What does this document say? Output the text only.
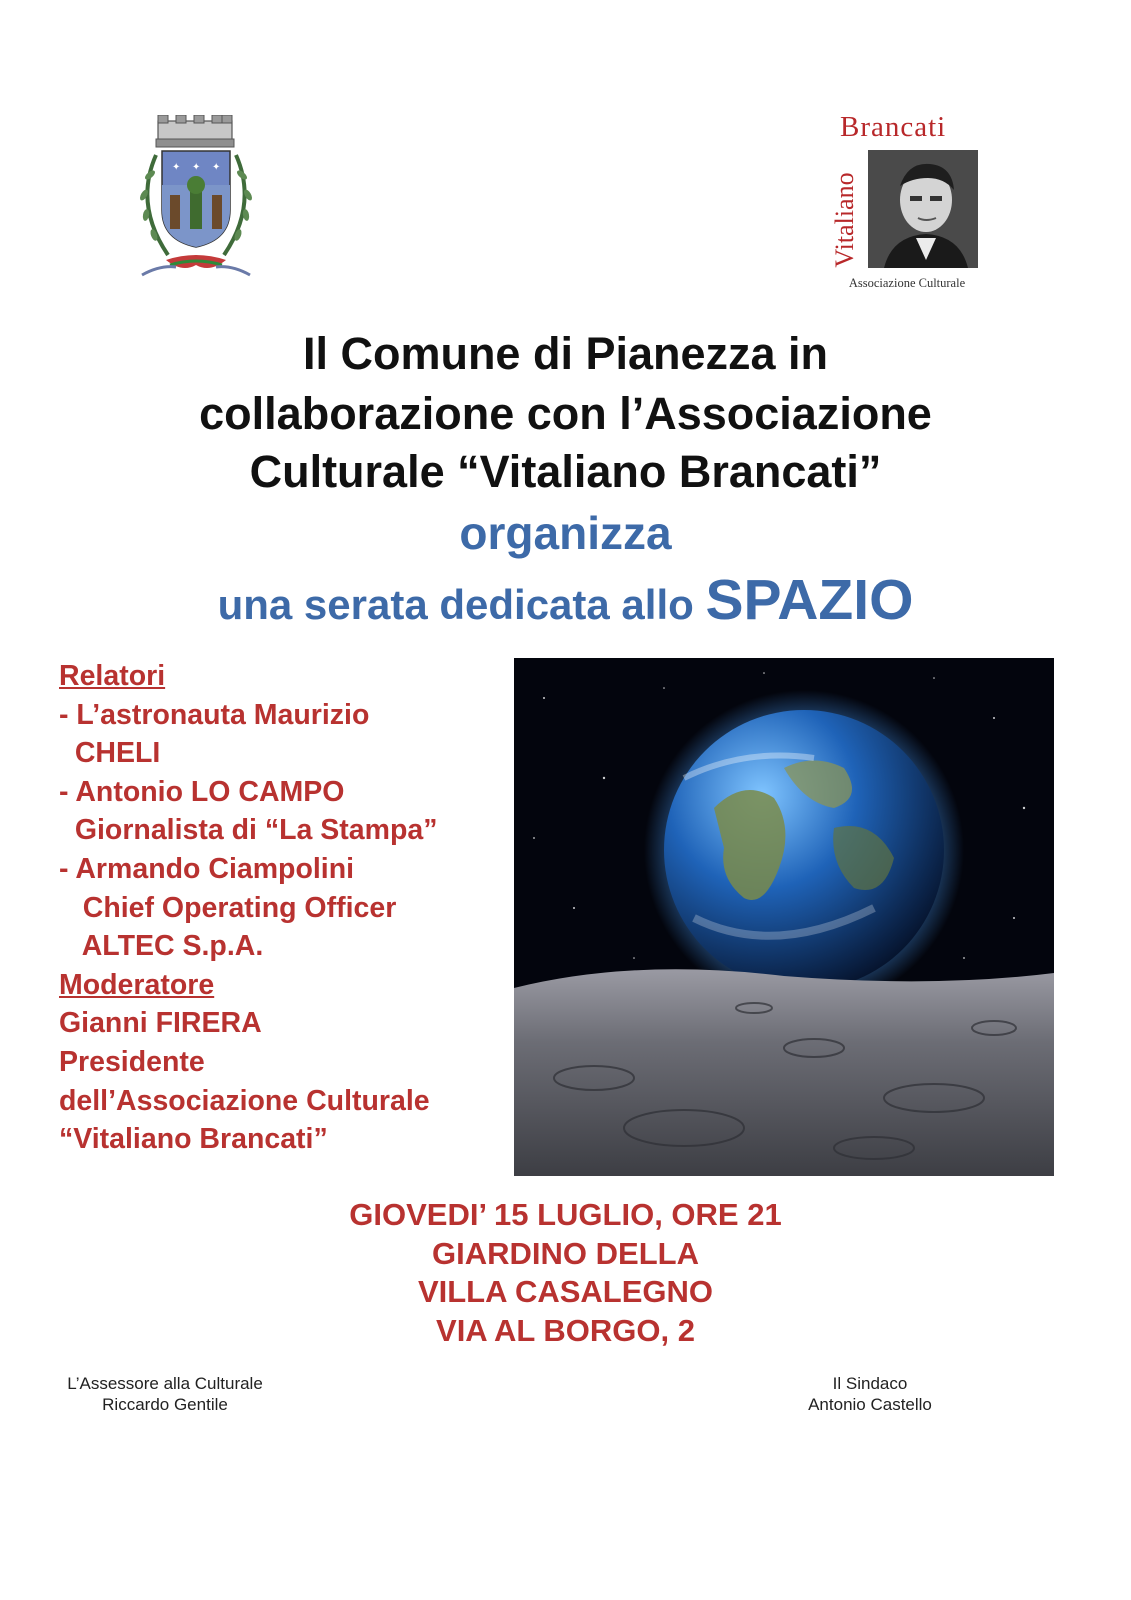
✦ ✦ ✦
Brancati
Vitaliano
Associazione Culturale
Il Comune di Pianezza in
collaborazione con l’Associazione
Culturale “Vitaliano Brancati”
organizza
una serata dedicata allo SPAZIO
Relatori
- L’astronauta Maurizio
CHELI
- Antonio LO CAMPO
Giornalista di “La Stampa”
- Armando Ciampolini
Chief Operating Officer
ALTEC S.p.A.
Moderatore
Gianni FIRERA
Presidente
dell’Associazione Culturale
“Vitaliano Brancati”
GIOVEDI’ 15 LUGLIO, ORE 21
GIARDINO DELLA
VILLA CASALEGNO
VIA AL BORGO, 2
L’Assessore alla Culturale
Riccardo Gentile
Il Sindaco
Antonio Castello
